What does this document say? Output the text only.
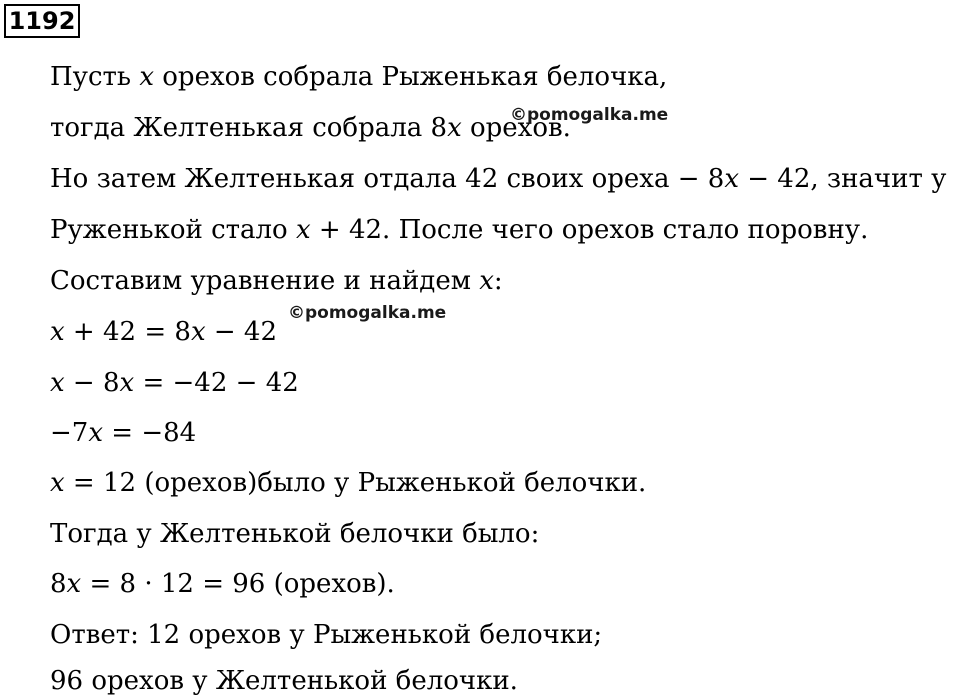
1192
Пусть x орехов собрала Рыженькая белочка,
тогда Желтенькая собрала 8x орехов.
Но затем Желтенькая отдала 42 своих ореха − 8x − 42, значит у
Руженькой стало x + 42. После чего орехов стало поровну.
Составим уравнение и найдем x:
x + 42 = 8x − 42
x − 8x = −42 − 42
−7x = −84
x = 12 (орехов)было у Рыженькой белочки.
Тогда у Желтенькой белочки было:
8x = 8 · 12 = 96 (орехов).
Ответ: 12 орехов у Рыженькой белочки;
96 орехов у Желтенькой белочки.
©pomogalka.me
©pomogalka.me
